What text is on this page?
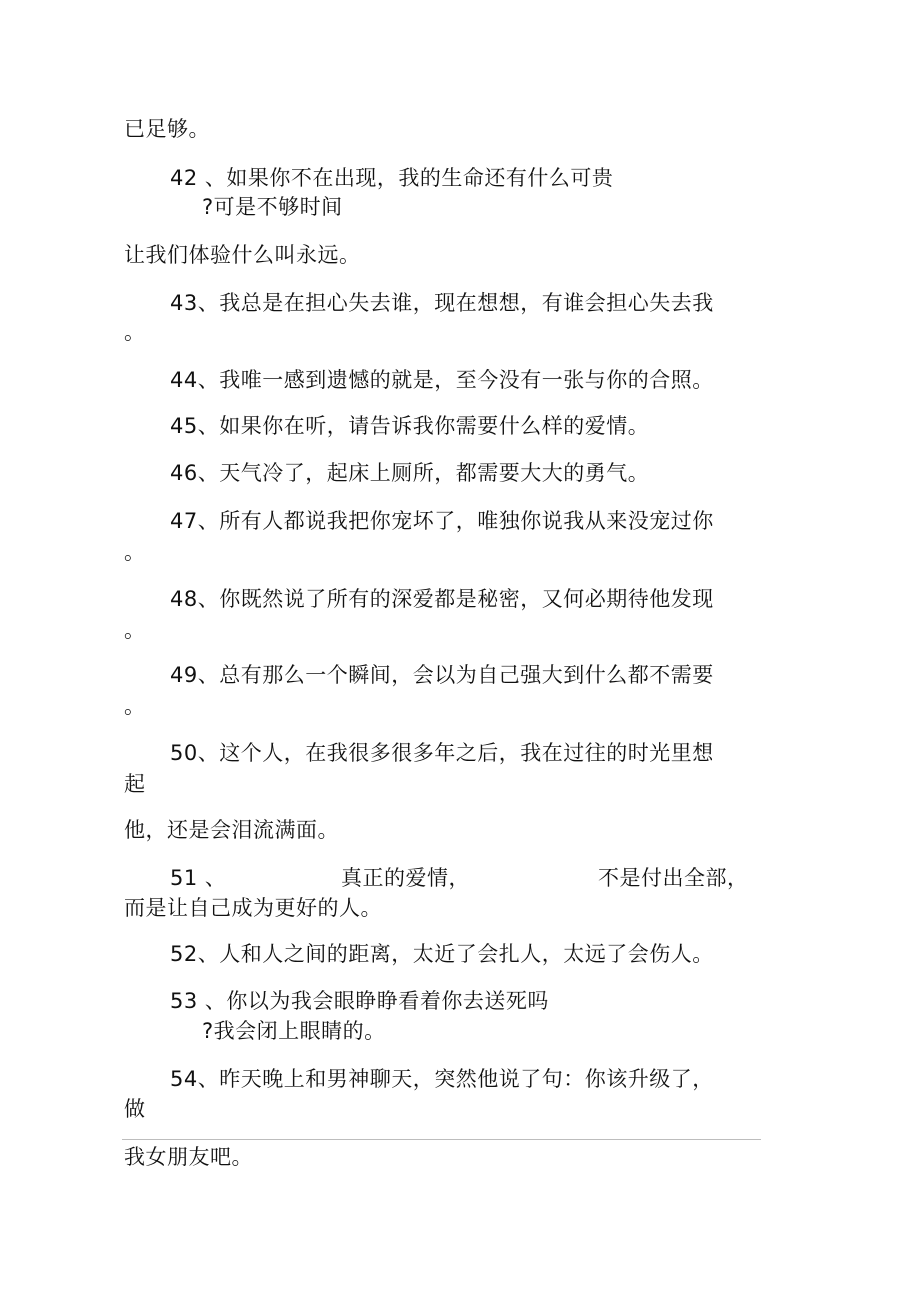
已足够。
42 、如果你不在出现，我的生命还有什么可贵
?可是不够时间
让我们体验什么叫永远。
43、我总是在担心失去谁，现在想想，有谁会担心失去我
。
44、我唯一感到遗憾的就是，至今没有一张与你的合照。
45、如果你在听，请告诉我你需要什么样的爱情。
46、天气冷了，起床上厕所，都需要大大的勇气。
47、所有人都说我把你宠坏了，唯独你说我从来没宠过你
。
48、你既然说了所有的深爱都是秘密，又何必期待他发现
。
49、总有那么一个瞬间，会以为自己强大到什么都不需要
。
50、这个人，在我很多很多年之后，我在过往的时光里想
起
他，还是会泪流满面。
51 、	真正的爱情，	不是付出全部，
而是让自己成为更好的人。
52、人和人之间的距离，太近了会扎人，太远了会伤人。
53 、你以为我会眼睁睁看着你去送死吗
?我会闭上眼睛的。
54、昨天晚上和男神聊天，突然他说了句：你该升级了，
做
我女朋友吧。
